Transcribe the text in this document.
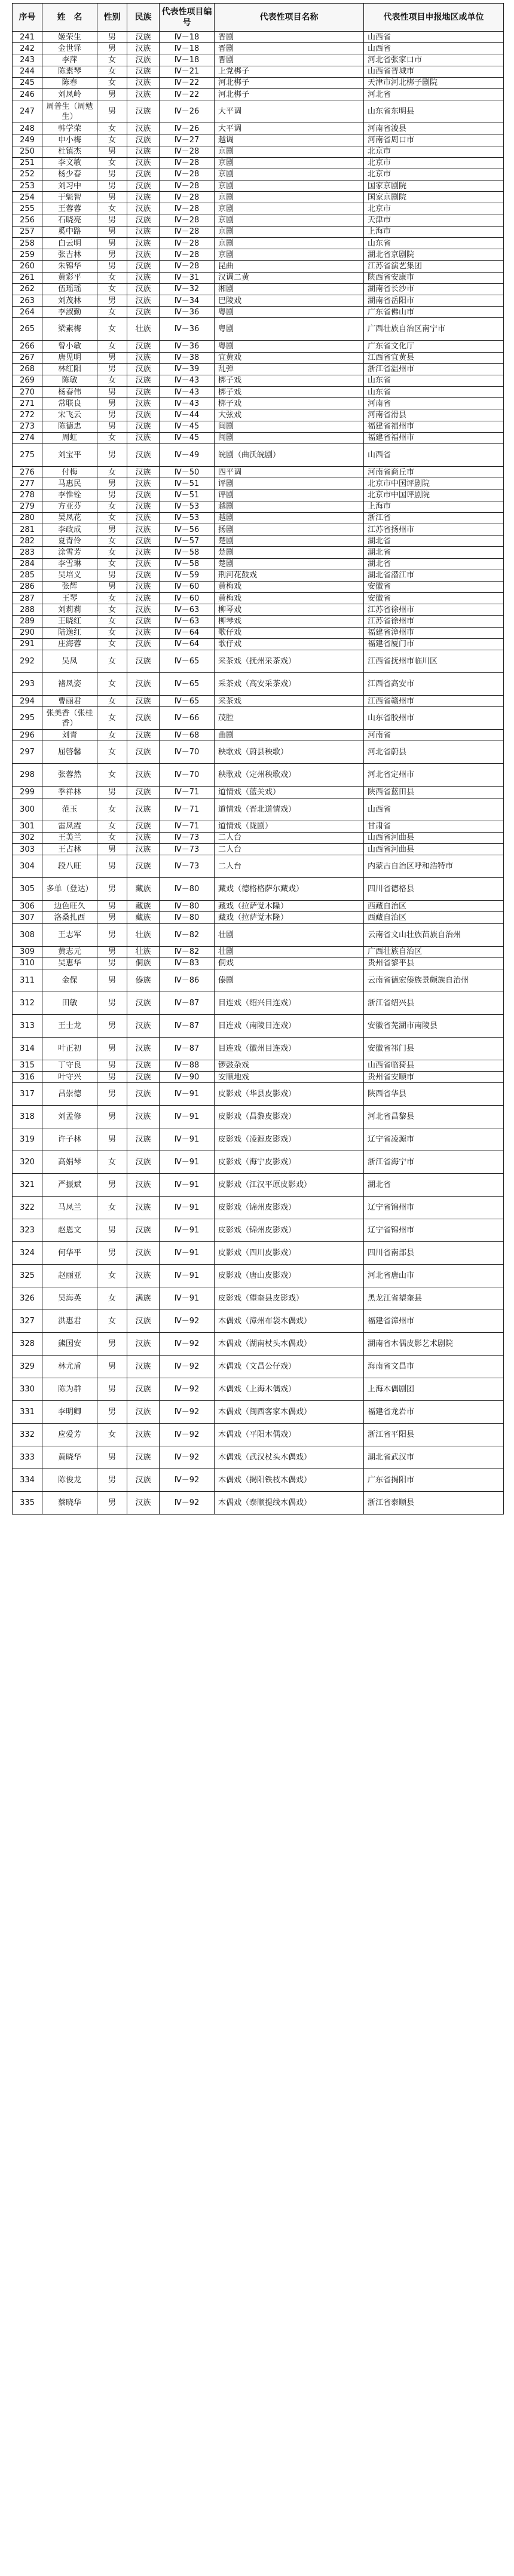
序号	姓　名	性别	民族	代表性项目编号	代表性项目名称	代表性项目申报地区或单位
241	姬荣生	男	汉族	Ⅳ－18	晋剧	山西省
242	金世铎	男	汉族	Ⅳ－18	晋剧	山西省
243	李萍	女	汉族	Ⅳ－18	晋剧	河北省张家口市
244	陈素琴	女	汉族	Ⅳ－21	上党梆子	山西省晋城市
245	陈春	女	汉族	Ⅳ－22	河北梆子	天津市河北梆子剧院
246	刘凤岭	男	汉族	Ⅳ－22	河北梆子	河北省
247	周普生（周勉生）	男	汉族	Ⅳ－26	大平调	山东省东明县
248	韩学荣	女	汉族	Ⅳ－26	大平调	河南省浚县
249	申小梅	女	汉族	Ⅳ－27	越调	河南省周口市
250	杜镇杰	男	汉族	Ⅳ－28	京剧	北京市
251	李文敏	女	汉族	Ⅳ－28	京剧	北京市
252	杨少春	男	汉族	Ⅳ－28	京剧	北京市
253	刘习中	男	汉族	Ⅳ－28	京剧	国家京剧院
254	于魁智	男	汉族	Ⅳ－28	京剧	国家京剧院
255	王蓉蓉	女	汉族	Ⅳ－28	京剧	北京市
256	石晓亮	男	汉族	Ⅳ－28	京剧	天津市
257	奚中路	男	汉族	Ⅳ－28	京剧	上海市
258	白云明	男	汉族	Ⅳ－28	京剧	山东省
259	张吉林	男	汉族	Ⅳ－28	京剧	湖北省京剧院
260	朱锦华	男	汉族	Ⅳ－28	昆曲	江苏省演艺集团
261	黄彩平	女	汉族	Ⅳ－31	汉调二黄	陕西省安康市
262	伍瑶瑶	女	汉族	Ⅳ－32	湘剧	湖南省长沙市
263	刘茂林	男	汉族	Ⅳ－34	巴陵戏	湖南省岳阳市
264	李淑勤	女	汉族	Ⅳ－36	粤剧	广东省佛山市
265	梁素梅	女	壮族	Ⅳ－36	粤剧	广西壮族自治区南宁市
266	曾小敏	女	汉族	Ⅳ－36	粤剧	广东省文化厅
267	唐见明	男	汉族	Ⅳ－38	宜黄戏	江西省宜黄县
268	林红阳	男	汉族	Ⅳ－39	乱弹	浙江省温州市
269	陈敏	女	汉族	Ⅳ－43	梆子戏	山东省
270	杨春伟	男	汉族	Ⅳ－43	梆子戏	山东省
271	常联良	男	汉族	Ⅳ－43	梆子戏	河南省
272	宋飞云	男	汉族	Ⅳ－44	大弦戏	河南省滑县
273	陈德忠	男	汉族	Ⅳ－45	闽剧	福建省福州市
274	周虹	女	汉族	Ⅳ－45	闽剧	福建省福州市
275	刘宝平	男	汉族	Ⅳ－49	皖剧（曲沃皖剧）	山西省
276	付梅	女	汉族	Ⅳ－50	四平调	河南省商丘市
277	马惠民	男	汉族	Ⅳ－51	评剧	北京市中国评剧院
278	李惟铨	男	汉族	Ⅳ－51	评剧	北京市中国评剧院
279	方亚芬	女	汉族	Ⅳ－53	越剧	上海市
280	吴凤花	女	汉族	Ⅳ－53	越剧	浙江省
281	李政成	男	汉族	Ⅳ－56	扬剧	江苏省扬州市
282	夏青伶	女	汉族	Ⅳ－57	楚剧	湖北省
283	涂雪芳	女	汉族	Ⅳ－58	楚剧	湖北省
284	李雪琳	女	汉族	Ⅳ－58	楚剧	湖北省
285	吴培义	男	汉族	Ⅳ－59	荆河花鼓戏	湖北省潜江市
286	张辉	男	汉族	Ⅳ－60	黄梅戏	安徽省
287	王琴	女	汉族	Ⅳ－60	黄梅戏	安徽省
288	刘莉莉	女	汉族	Ⅳ－63	柳琴戏	江苏省徐州市
289	王晓红	女	汉族	Ⅳ－63	柳琴戏	江苏省徐州市
290	陆逸红	女	汉族	Ⅳ－64	歌仔戏	福建省漳州市
291	庄海蓉	女	汉族	Ⅳ－64	歌仔戏	福建省厦门市
292	吴凤	女	汉族	Ⅳ－65	采茶戏（抚州采茶戏）	江西省抚州市临川区
293	褚凤姿	女	汉族	Ⅳ－65	采茶戏（高安采茶戏）	江西省高安市
294	曹丽君	女	汉族	Ⅳ－65	采茶戏	江西省赣州市
295	张美香（张桂香）	女	汉族	Ⅳ－66	茂腔	山东省胶州市
296	刘青	女	汉族	Ⅳ－68	曲剧	河南省
297	屈啓馨	女	汉族	Ⅳ－70	秧歌戏（蔚县秧歌）	河北省蔚县
298	张蓉然	女	汉族	Ⅳ－70	秧歌戏（定州秧歌戏）	河北省定州市
299	季祥林	男	汉族	Ⅳ－71	道情戏（蓝关戏）	陕西省蓝田县
300	范玉	女	汉族	Ⅳ－71	道情戏（晋北道情戏）	山西省
301	雷凤霞	女	汉族	Ⅳ－71	道情戏（陇剧）	甘肃省
302	王美兰	女	汉族	Ⅳ－73	二人台	山西省河曲县
303	王占林	男	汉族	Ⅳ－73	二人台	山西省河曲县
304	段八旺	男	汉族	Ⅳ－73	二人台	内蒙古自治区呼和浩特市
305	多单（登达）	男	藏族	Ⅳ－80	藏戏（德格格萨尔藏戏）	四川省德格县
306	边色旺久	男	藏族	Ⅳ－80	藏戏（拉萨觉木隆）	西藏自治区
307	洛桑扎西	男	藏族	Ⅳ－80	藏戏（拉萨觉木隆）	西藏自治区
308	王志军	男	壮族	Ⅳ－82	壮剧	云南省文山壮族苗族自治州
309	黄志元	男	壮族	Ⅳ－82	壮剧	广西壮族自治区
310	吴恵华	男	侗族	Ⅳ－83	侗戏	贵州省黎平县
311	金保	男	傣族	Ⅳ－86	傣剧	云南省德宏傣族景颇族自治州
312	田敏	男	汉族	Ⅳ－87	目连戏（绍兴目连戏）	浙江省绍兴县
313	王士龙	男	汉族	Ⅳ－87	目连戏（南陵目连戏）	安徽省芜湖市南陵县
314	叶正初	男	汉族	Ⅳ－87	目连戏（徽州目连戏）	安徽省祁门县
315	丁守良	男	汉族	Ⅳ－88	锣鼓杂戏	山西省临猗县
316	叶守兴	男	汉族	Ⅳ－90	安顺地戏	贵州省安顺市
317	吕崇德	男	汉族	Ⅳ－91	皮影戏（华县皮影戏）	陕西省华县
318	刘孟修	男	汉族	Ⅳ－91	皮影戏（昌黎皮影戏）	河北省昌黎县
319	许子林	男	汉族	Ⅳ－91	皮影戏（凌源皮影戏）	辽宁省凌源市
320	高娟琴	女	汉族	Ⅳ－91	皮影戏（海宁皮影戏）	浙江省海宁市
321	严振斌	男	汉族	Ⅳ－91	皮影戏（江汉平原皮影戏）	湖北省
322	马凤兰	女	汉族	Ⅳ－91	皮影戏（锦州皮影戏）	辽宁省锦州市
323	赵恩文	男	汉族	Ⅳ－91	皮影戏（锦州皮影戏）	辽宁省锦州市
324	何华平	男	汉族	Ⅳ－91	皮影戏（四川皮影戏）	四川省南部县
325	赵丽亚	女	汉族	Ⅳ－91	皮影戏（唐山皮影戏）	河北省唐山市
326	吴海英	女	满族	Ⅳ－91	皮影戏（望奎县皮影戏）	黑龙江省望奎县
327	洪惠君	女	汉族	Ⅳ－92	木偶戏（漳州布袋木偶戏）	福建省漳州市
328	熊国安	男	汉族	Ⅳ－92	木偶戏（湖南杖头木偶戏）	湖南省木偶皮影艺术剧院
329	林尤盾	男	汉族	Ⅳ－92	木偶戏（文昌公仔戏）	海南省文昌市
330	陈为群	男	汉族	Ⅳ－92	木偶戏（上海木偶戏）	上海木偶剧团
331	李明卿	男	汉族	Ⅳ－92	木偶戏（闽西客家木偶戏）	福建省龙岩市
332	应爱芳	女	汉族	Ⅳ－92	木偶戏（平阳木偶戏）	浙江省平阳县
333	黄晓华	男	汉族	Ⅳ－92	木偶戏（武汉杖头木偶戏）	湖北省武汉市
334	陈俊龙	男	汉族	Ⅳ－92	木偶戏（揭阳铁枝木偶戏）	广东省揭阳市
335	蔡晓华	男	汉族	Ⅳ－92	木偶戏（泰顺提线木偶戏）	浙江省泰顺县
